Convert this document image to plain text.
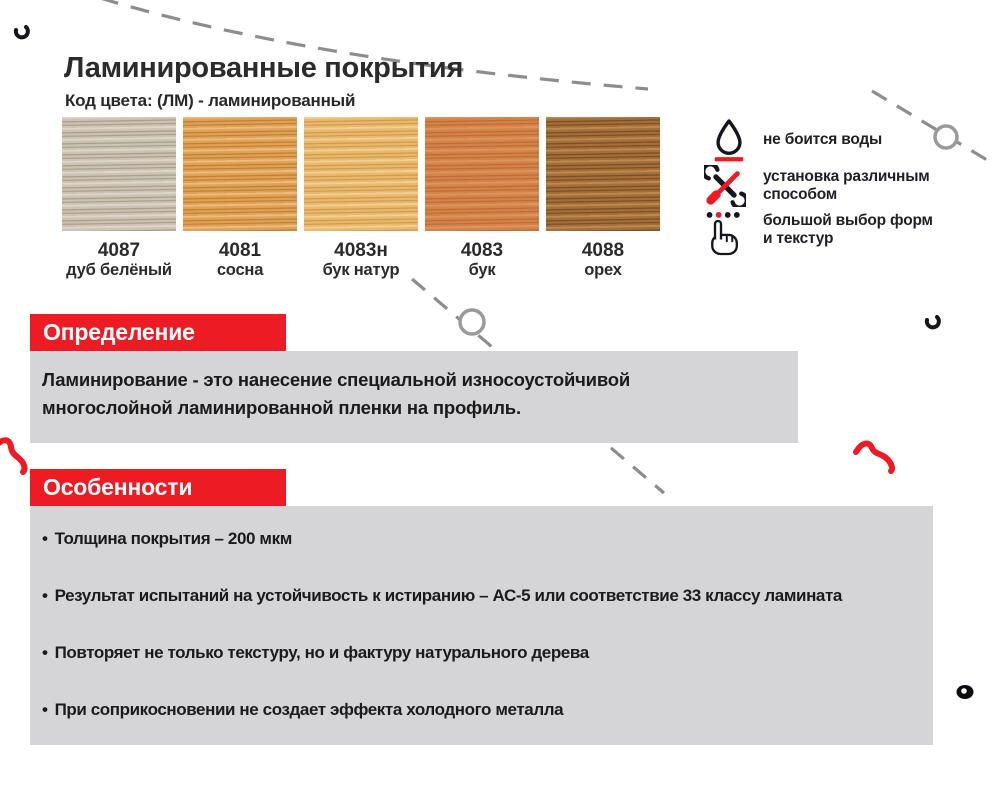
Ламинированные покрытия
Код цвета: (ЛМ) - ламинированный
4087
дуб белёный
4081
сосна
4083н
бук натур
4083
бук
4088
орех
не боится воды
установка различным
способом
большой выбор форм
и текстур
Определение
Ламинирование - это нанесение специальной износоустойчивой многослойной ламинированной пленки на профиль.
Особенности

• Толщина покрытия – 200 мкм

• Результат испытаний на устойчивость к истиранию – АС-5 или соответствие 33 классу ламината

• Повторяет не только текстуру, но и фактуру натурального дерева

• При соприкосновении не создает эффекта холодного металла
